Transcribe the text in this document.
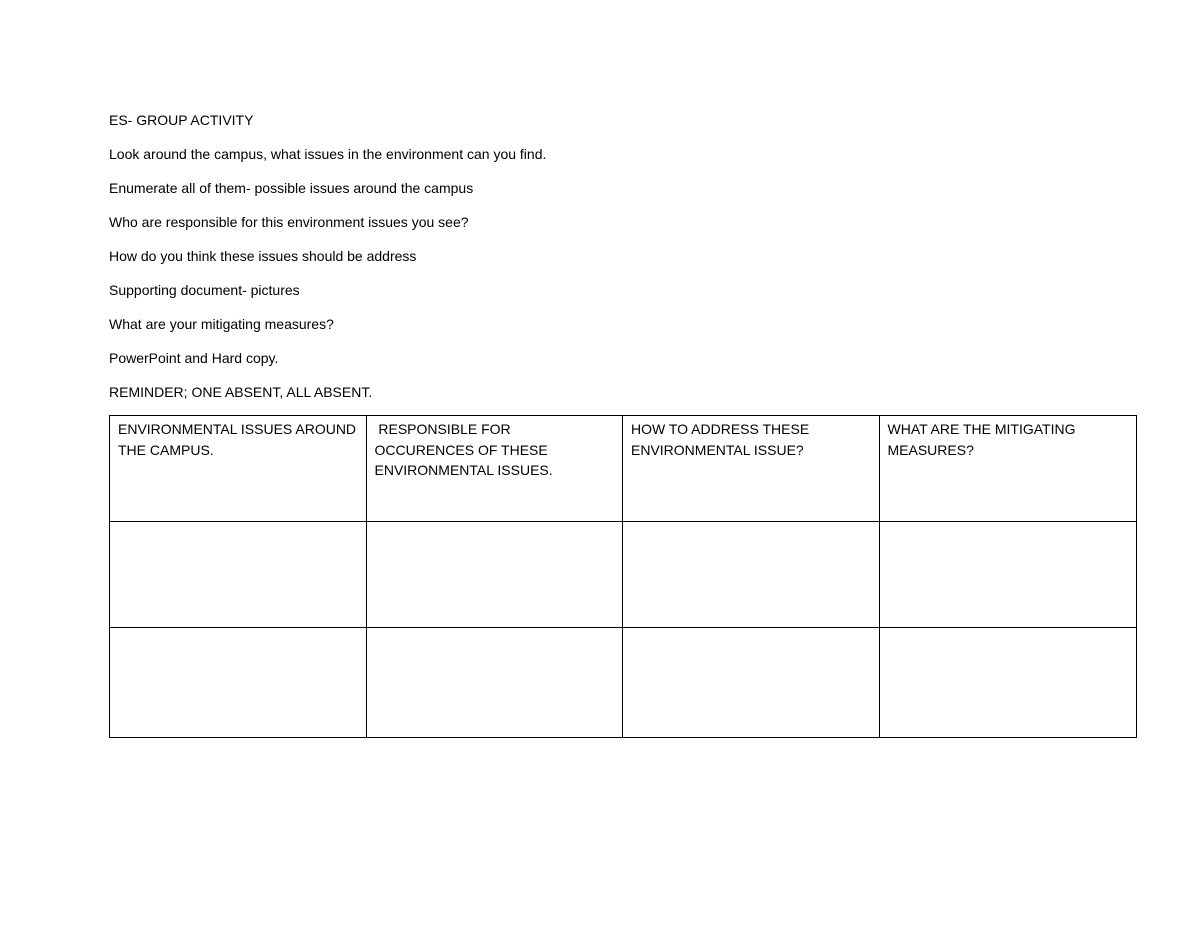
ES- GROUP ACTIVITY
Look around the campus, what issues in the environment can you find.
Enumerate all of them- possible issues around the campus
Who are responsible for this environment issues you see?
How do you think these issues should be address
Supporting document- pictures
What are your mitigating measures?
PowerPoint and Hard copy.
REMINDER; ONE ABSENT, ALL ABSENT.
ENVIRONMENTAL ISSUES AROUND THE CAMPUS.	RESPONSIBLE FOR OCCURENCES OF THESE ENVIRONMENTAL ISSUES.	HOW TO ADDRESS THESE ENVIRONMENTAL ISSUE?	WHAT ARE THE MITIGATING MEASURES?
